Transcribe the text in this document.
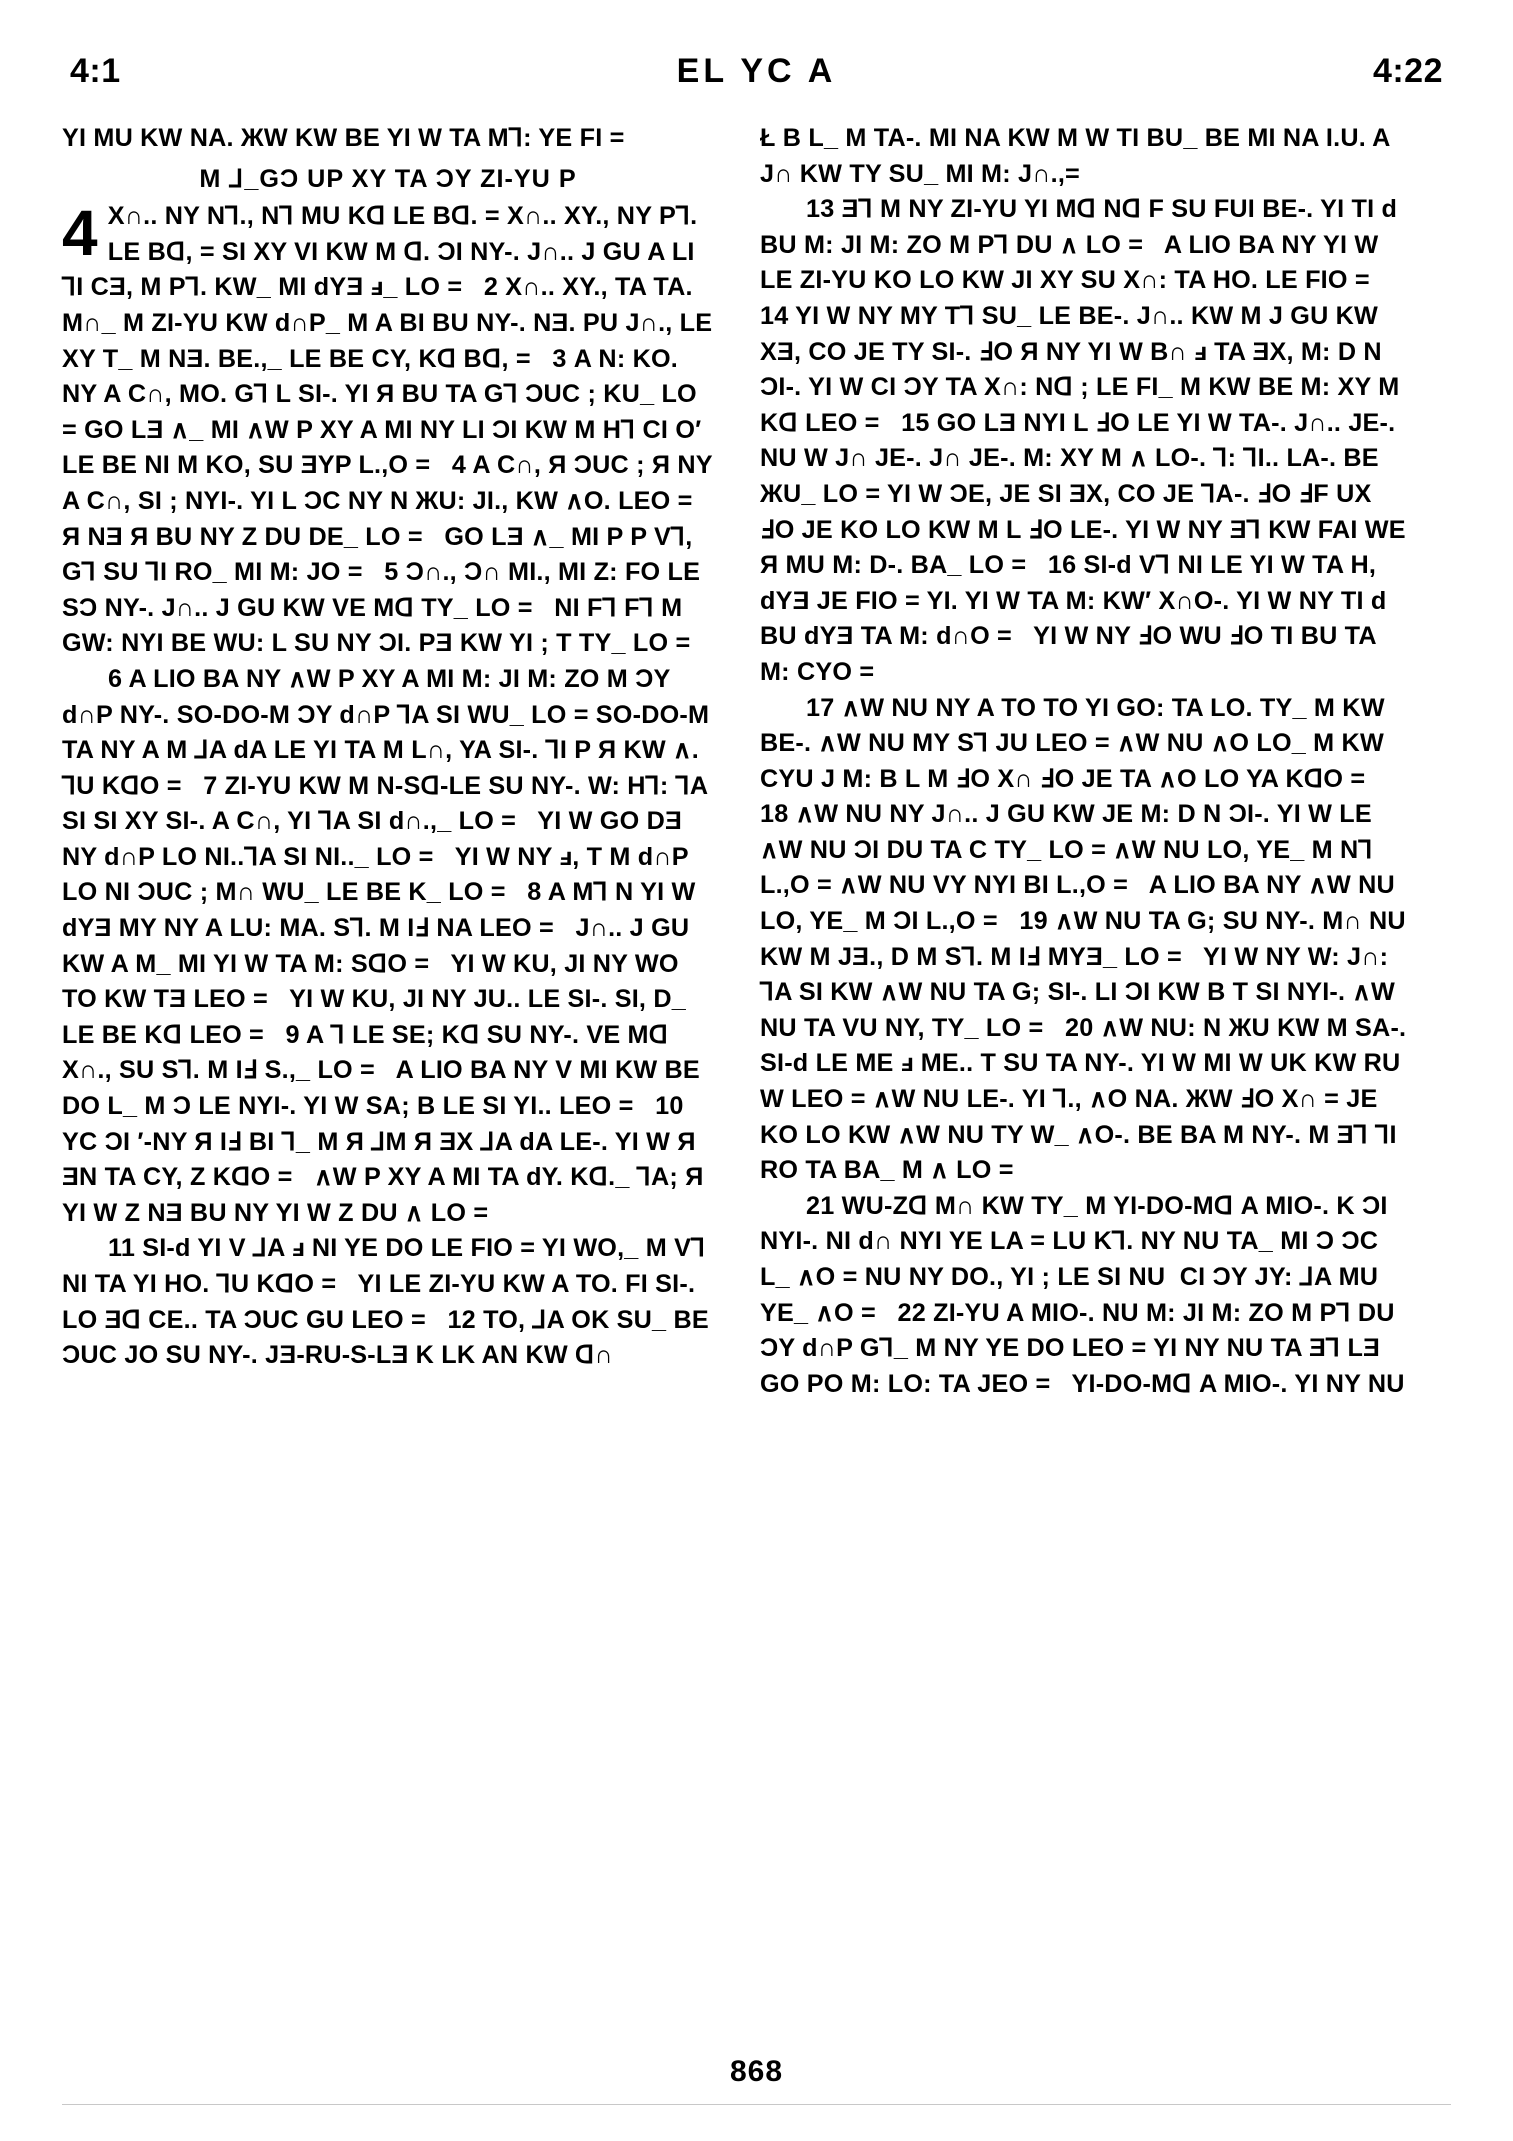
4:1	EL YC A	4:22

YI MU KW NA. ЖW KW BE YI W TA MꞀ: YE FI =

M ⅃_GƆ UP XY TA ƆY ZI-YU P
4 X∩.. NY N⅂., N⅂ MU Kᗡ LE Bᗡ. = X∩.. XY., NY P⅂. LE Bᗡ, = SI XY VI KW M ᗡ. ƆI NY-. J∩.. J GU A LI ⅂I CƎ, M P⅂. KW_ MI dYƎ ⅎ_ LO =   2 X∩.. XY., TA TA. M∩_ M ZI-YU KW d∩P_ M A BI BU NY-. NƎ. PU J∩., LE XY T_ M NƎ. BE.,_ LE BE CY, Kᗡ Bᗡ, =   3 A N: KO. NY A C∩, MO. G⅂ L SI-. YI Я BU TA G⅂ ƆUC ; KU_ LO = GO LƎ ∧_ MI ∧W P XY A MI NY LI ƆI KW M H⅂ CI O′ LE BE NI M KO, SU ƎYP L.,O =   4 A C∩, Я ƆUC ; Я NY A C∩, SI ; NYI-. YI L ƆC NY N ЖU: JI., KW ∧O. LEO = Я NƎ Я BU NY Z DU DE_ LO =   GO LƎ ∧_ MI P P V⅂, G⅂ SU ⅂I RO_ MI M: JO =   5 Ɔ∩., Ɔ∩ MI., MI Z: FO LE SƆ NY-. J∩.. J GU KW VE Mᗡ TY_ LO =   NI F⅂ F⅂ M GW: NYI BE WU: L SU NY ƆI. PƎ KW YI ; T TY_ LO =

6 A LIO BA NY ∧W P XY A MI M: JI M: ZO M ƆY d∩P NY-. SO-DO-M ƆY d∩P ⅂A SI WU_ LO = SO-DO-M TA NY A M ⅃A dA LE YI TA M L∩, YA SI-. ⅂I P Я KW ∧. ⅂U KᗡO =   7 ZI-YU KW M N-Sᗡ-LE SU NY-. W: H⅂: ⅂A SI SI XY SI-. A C∩, YI ⅂A SI d∩.,_ LO =   YI W GO DƎ NY d∩P LO NI..⅂A SI NI.._ LO =   YI W NY ⅎ, T M d∩P LO NI ƆUC ; M∩ WU_ LE BE K_ LO =   8 A M⅂ N YI W dYƎ MY NY A LU: MA. S⅂. M IℲ NA LEO =   J∩.. J GU KW A M_ MI YI W TA M: SᗡO =   YI W KU, JI NY WO TO KW TƎ LEO =   YI W KU, JI NY JU.. LE SI-. SI, D_ LE BE Kᗡ LEO =   9 A ⅂ LE SE; Kᗡ SU NY-. VE Mᗡ X∩., SU S⅂. M IℲ S.,_ LO =   A LIO BA NY V MI KW BE DO L_ M Ɔ LE NYI-. YI W SA; B LE SI YI.. LEO =   10 YC ƆI ′-NY Я IℲ BI ⅂_ M Я ⅃M Я ƎX ⅃A dA LE-. YI W Я ƎN TA CY, Z KᗡO =   ∧W P XY A MI TA dY. Kᗡ._ ⅂A; Я YI W Z NƎ BU NY YI W Z DU ∧ LO =

11 SI-d YI V ⅃A ⅎ NI YE DO LE FIO = YI WO,_ M V⅂ NI TA YI HO. ⅂U KᗡO =   YI LE ZI-YU KW A TO. FI SI-. LO Ǝᗡ CE.. TA ƆUC GU LEO =   12 TO, ⅃A OK SU_ BE ƆUC JO SU NY-. JƎ-RU-S-LƎ K LK AN KW ᗡ∩

Ł B L_ M TA-. MI NA KW M W TI BU_ BE MI NA I.U. A J∩ KW TY SU_ MI M: J∩.,=

13 Ǝ⅂ M NY ZI-YU YI Mᗡ Nᗡ F SU FUI BE-. YI TI d BU M: JI M: ZO M P⅂ DU ∧ LO =   A LIO BA NY YI W LE ZI-YU KO LO KW JI XY SU X∩: TA HO. LE FIO =

14 YI W NY MY T⅂ SU_ LE BE-. J∩.. KW M J GU KW XƎ, CO JE TY SI-. ℲO Я NY YI W B∩ ⅎ TA ƎX, M: D N ƆI-. YI W CI ƆY TA X∩: Nᗡ ; LE FI_ M KW BE M: XY M Kᗡ LEO =   15 GO LƎ NYI L ℲO LE YI W TA-. J∩.. JE-. NU W J∩ JE-. J∩ JE-. M: XY M ∧ LO-. ⅂: ⅂I.. LA-. BE ЖU_ LO = YI W ƆE, JE SI ƎX, CO JE ⅂A-. ℲO ℲF UX ℲO JE KO LO KW M L ℲO LE-. YI W NY Ǝ⅂ KW FAI WE Я MU M: D-. BA_ LO =   16 SI-d V⅂ NI LE YI W TA H, dYƎ JE FIO = YI. YI W TA M: KW′ X∩O-. YI W NY TI d BU dYƎ TA M: d∩O =   YI W NY ℲO WU ℲO TI BU TA M: CYO =

17 ∧W NU NY A TO TO YI GO: TA LO. TY_ M KW BE-. ∧W NU MY S⅂ JU LEO = ∧W NU ∧O LO_ M KW CYU J M: B L M ℲO X∩ ℲO JE TA ∧O LO YA KᗡO =   18 ∧W NU NY J∩.. J GU KW JE M: D N ƆI-. YI W LE ∧W NU ƆI DU TA C TY_ LO = ∧W NU LO, YE_ M N⅂ L.,O = ∧W NU VY NYI BI L.,O =   A LIO BA NY ∧W NU LO, YE_ M ƆI L.,O =   19 ∧W NU TA G; SU NY-. M∩ NU KW M JƎ., D M S⅂. M IℲ MYƎ_ LO =   YI W NY W: J∩: ⅂A SI KW ∧W NU TA G; SI-. LI ƆI KW B T SI NYI-. ∧W NU TA VU NY, TY_ LO =   20 ∧W NU: N ЖU KW M SA-. SI-d LE ME ⅎ ME.. T SU TA NY-. YI W MI W UK KW RU W LEO = ∧W NU LE-. YI ⅂., ∧O NA. ЖW ℲO X∩ = JE KO LO KW ∧W NU TY W_ ∧O-. BE BA M NY-. M Ǝ⅂ ⅂I RO TA BA_ M ∧ LO =

21 WU-Zᗡ M∩ KW TY_ M YI-DO-Mᗡ A MIO-. K ƆI NYI-. NI d∩ NYI YE LA = LU K⅂. NY NU TA_ MI Ɔ ƆC L_ ∧O = NU NY DO., YI ; LE SI NU  CI ƆY JY: ⅃A MU YE_ ∧O =   22 ZI-YU A MIO-. NU M: JI M: ZO M P⅂ DU ƆY d∩P G⅂_ M NY YE DO LEO = YI NY NU TA Ǝ⅂ LƎ GO PO M: LO: TA JEO =   YI-DO-Mᗡ A MIO-. YI NY NU

868
